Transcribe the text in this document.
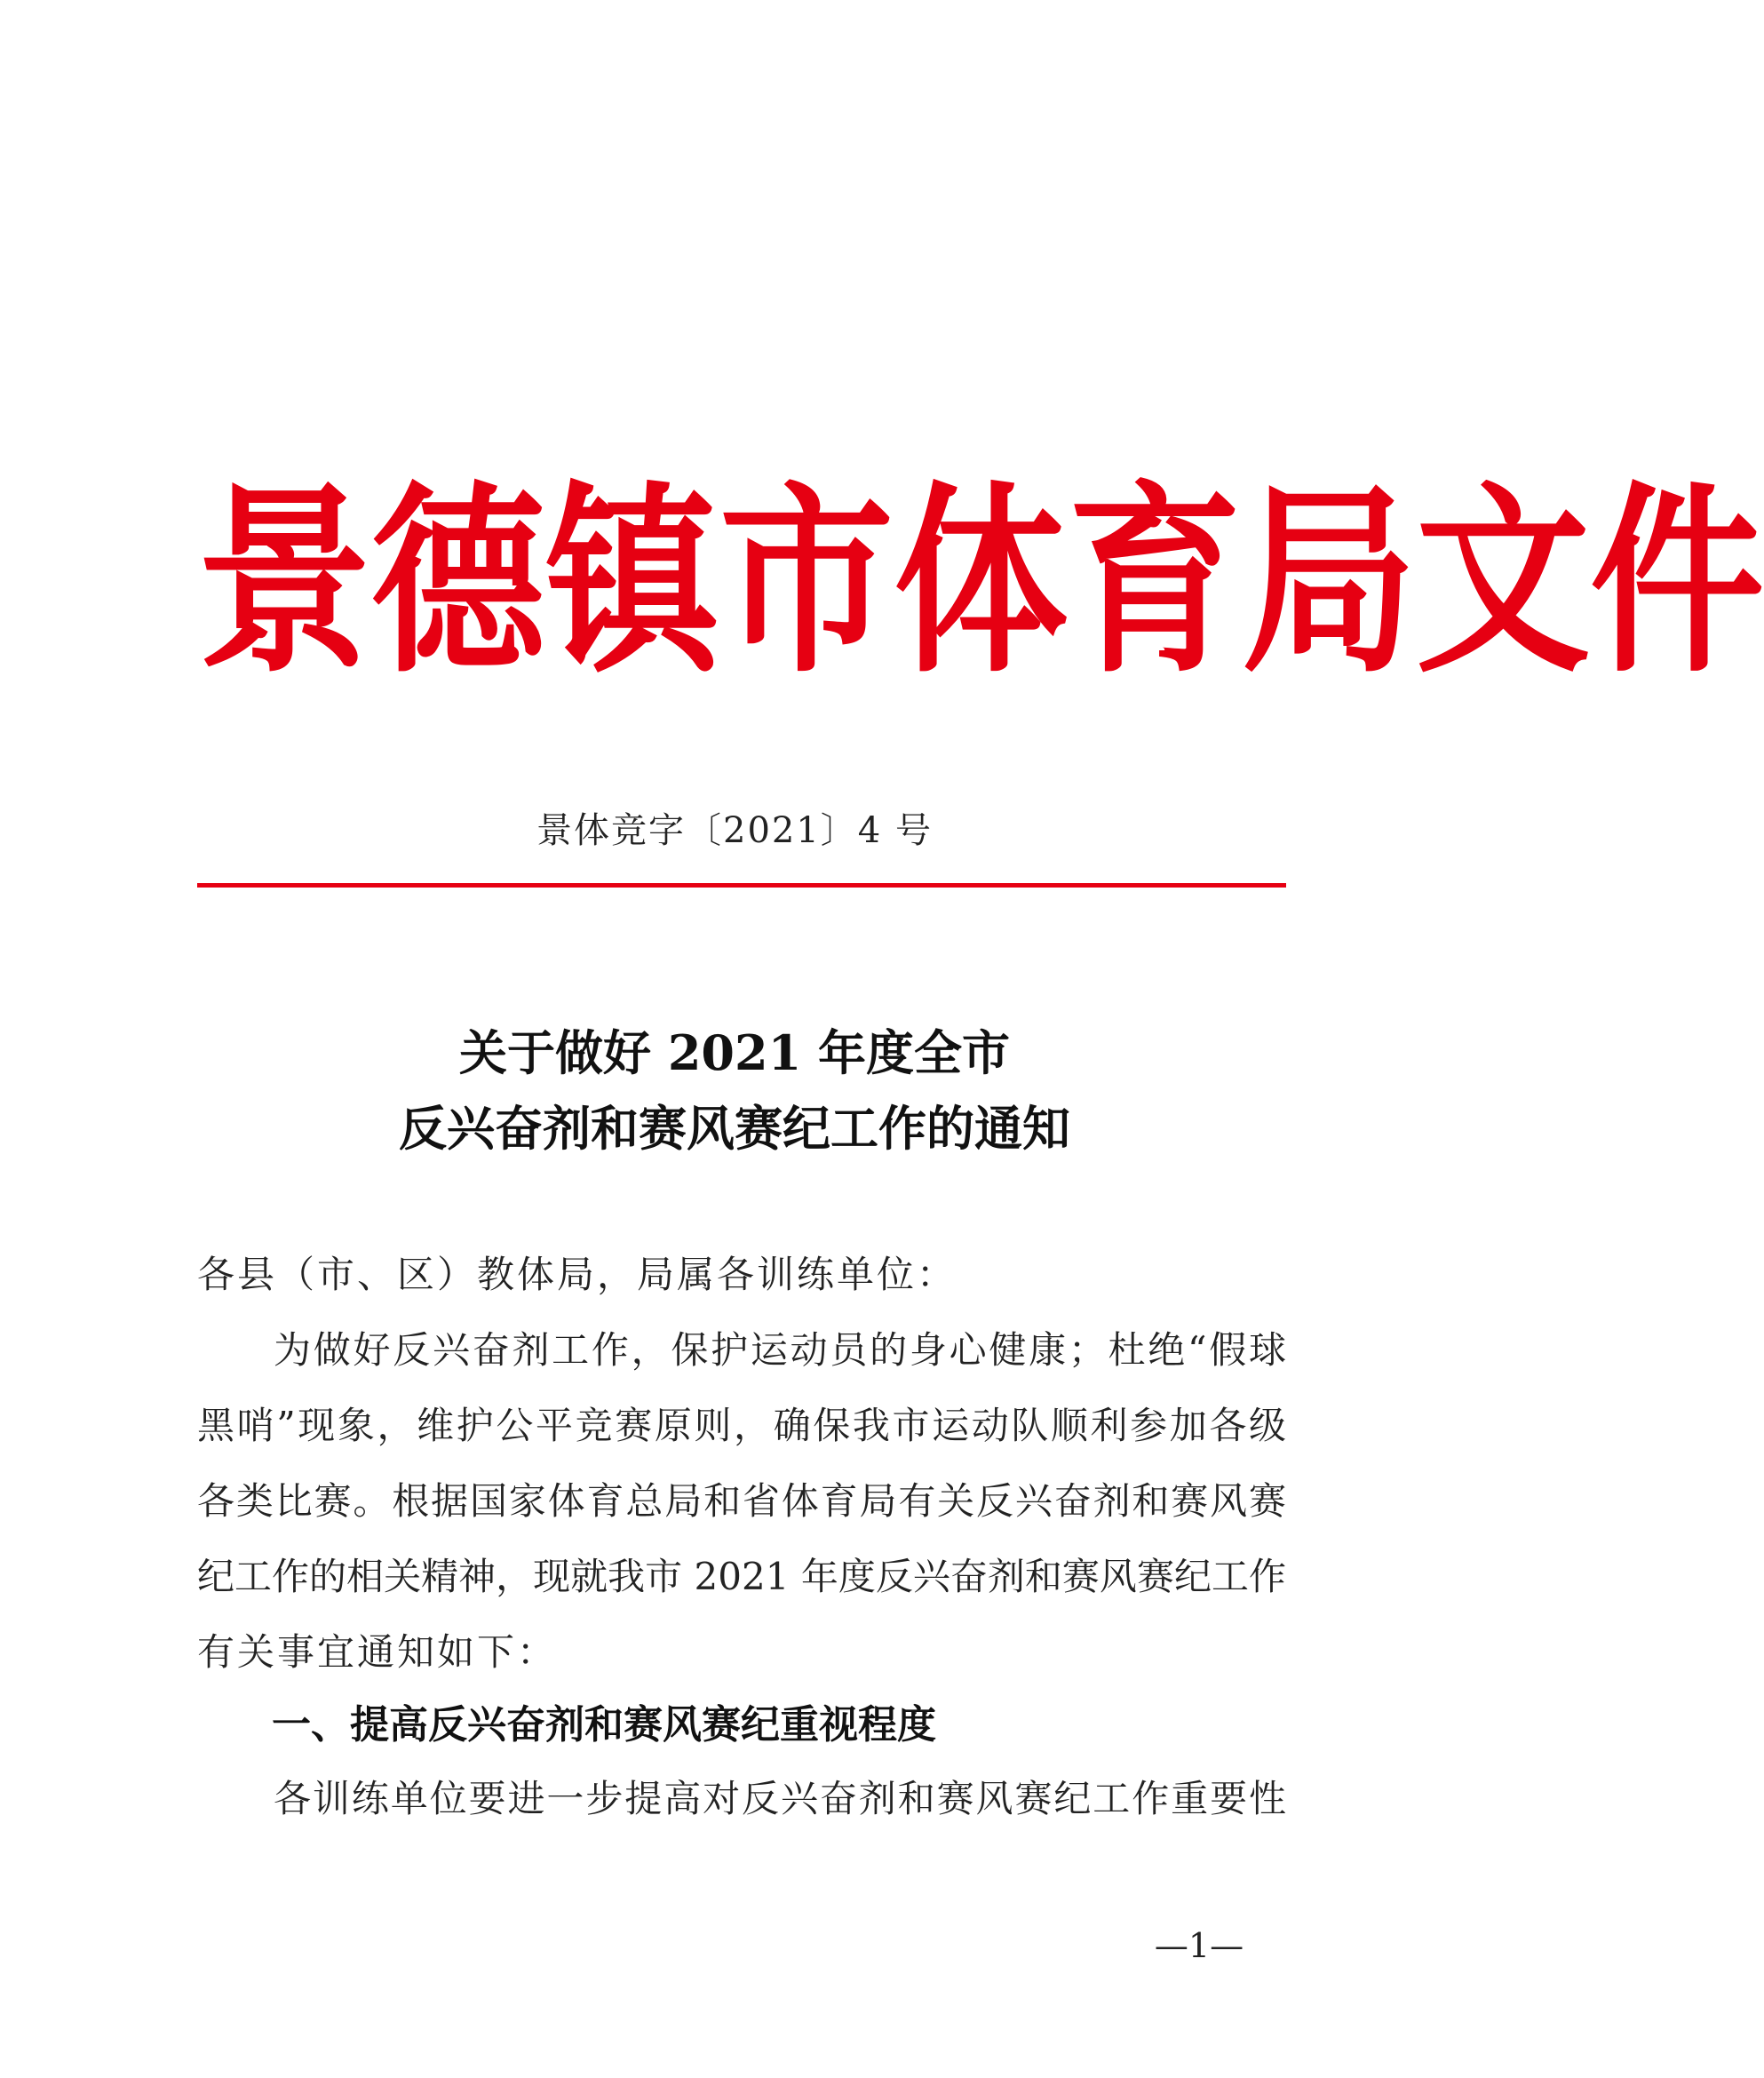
景 德 镇 市 体 育 局 文 件
景体竞字〔2021〕4 号
关于做好 2021 年度全市
反兴奋剂和赛风赛纪工作的通知
各县（市、区）教体局，局属各训练单位：
为做好反兴奋剂工作，保护运动员的身心健康；杜绝“假球
黑哨”现象，维护公平竞赛原则，确保我市运动队顺利参加各级
各类比赛。根据国家体育总局和省体育局有关反兴奋剂和赛风赛
纪工作的相关精神，现就我市 2021 年度反兴奋剂和赛风赛纪工作
有关事宜通知如下：
一、提高反兴奋剂和赛风赛纪重视程度
各训练单位要进一步提高对反兴奋剂和赛风赛纪工作重要性
—1—
